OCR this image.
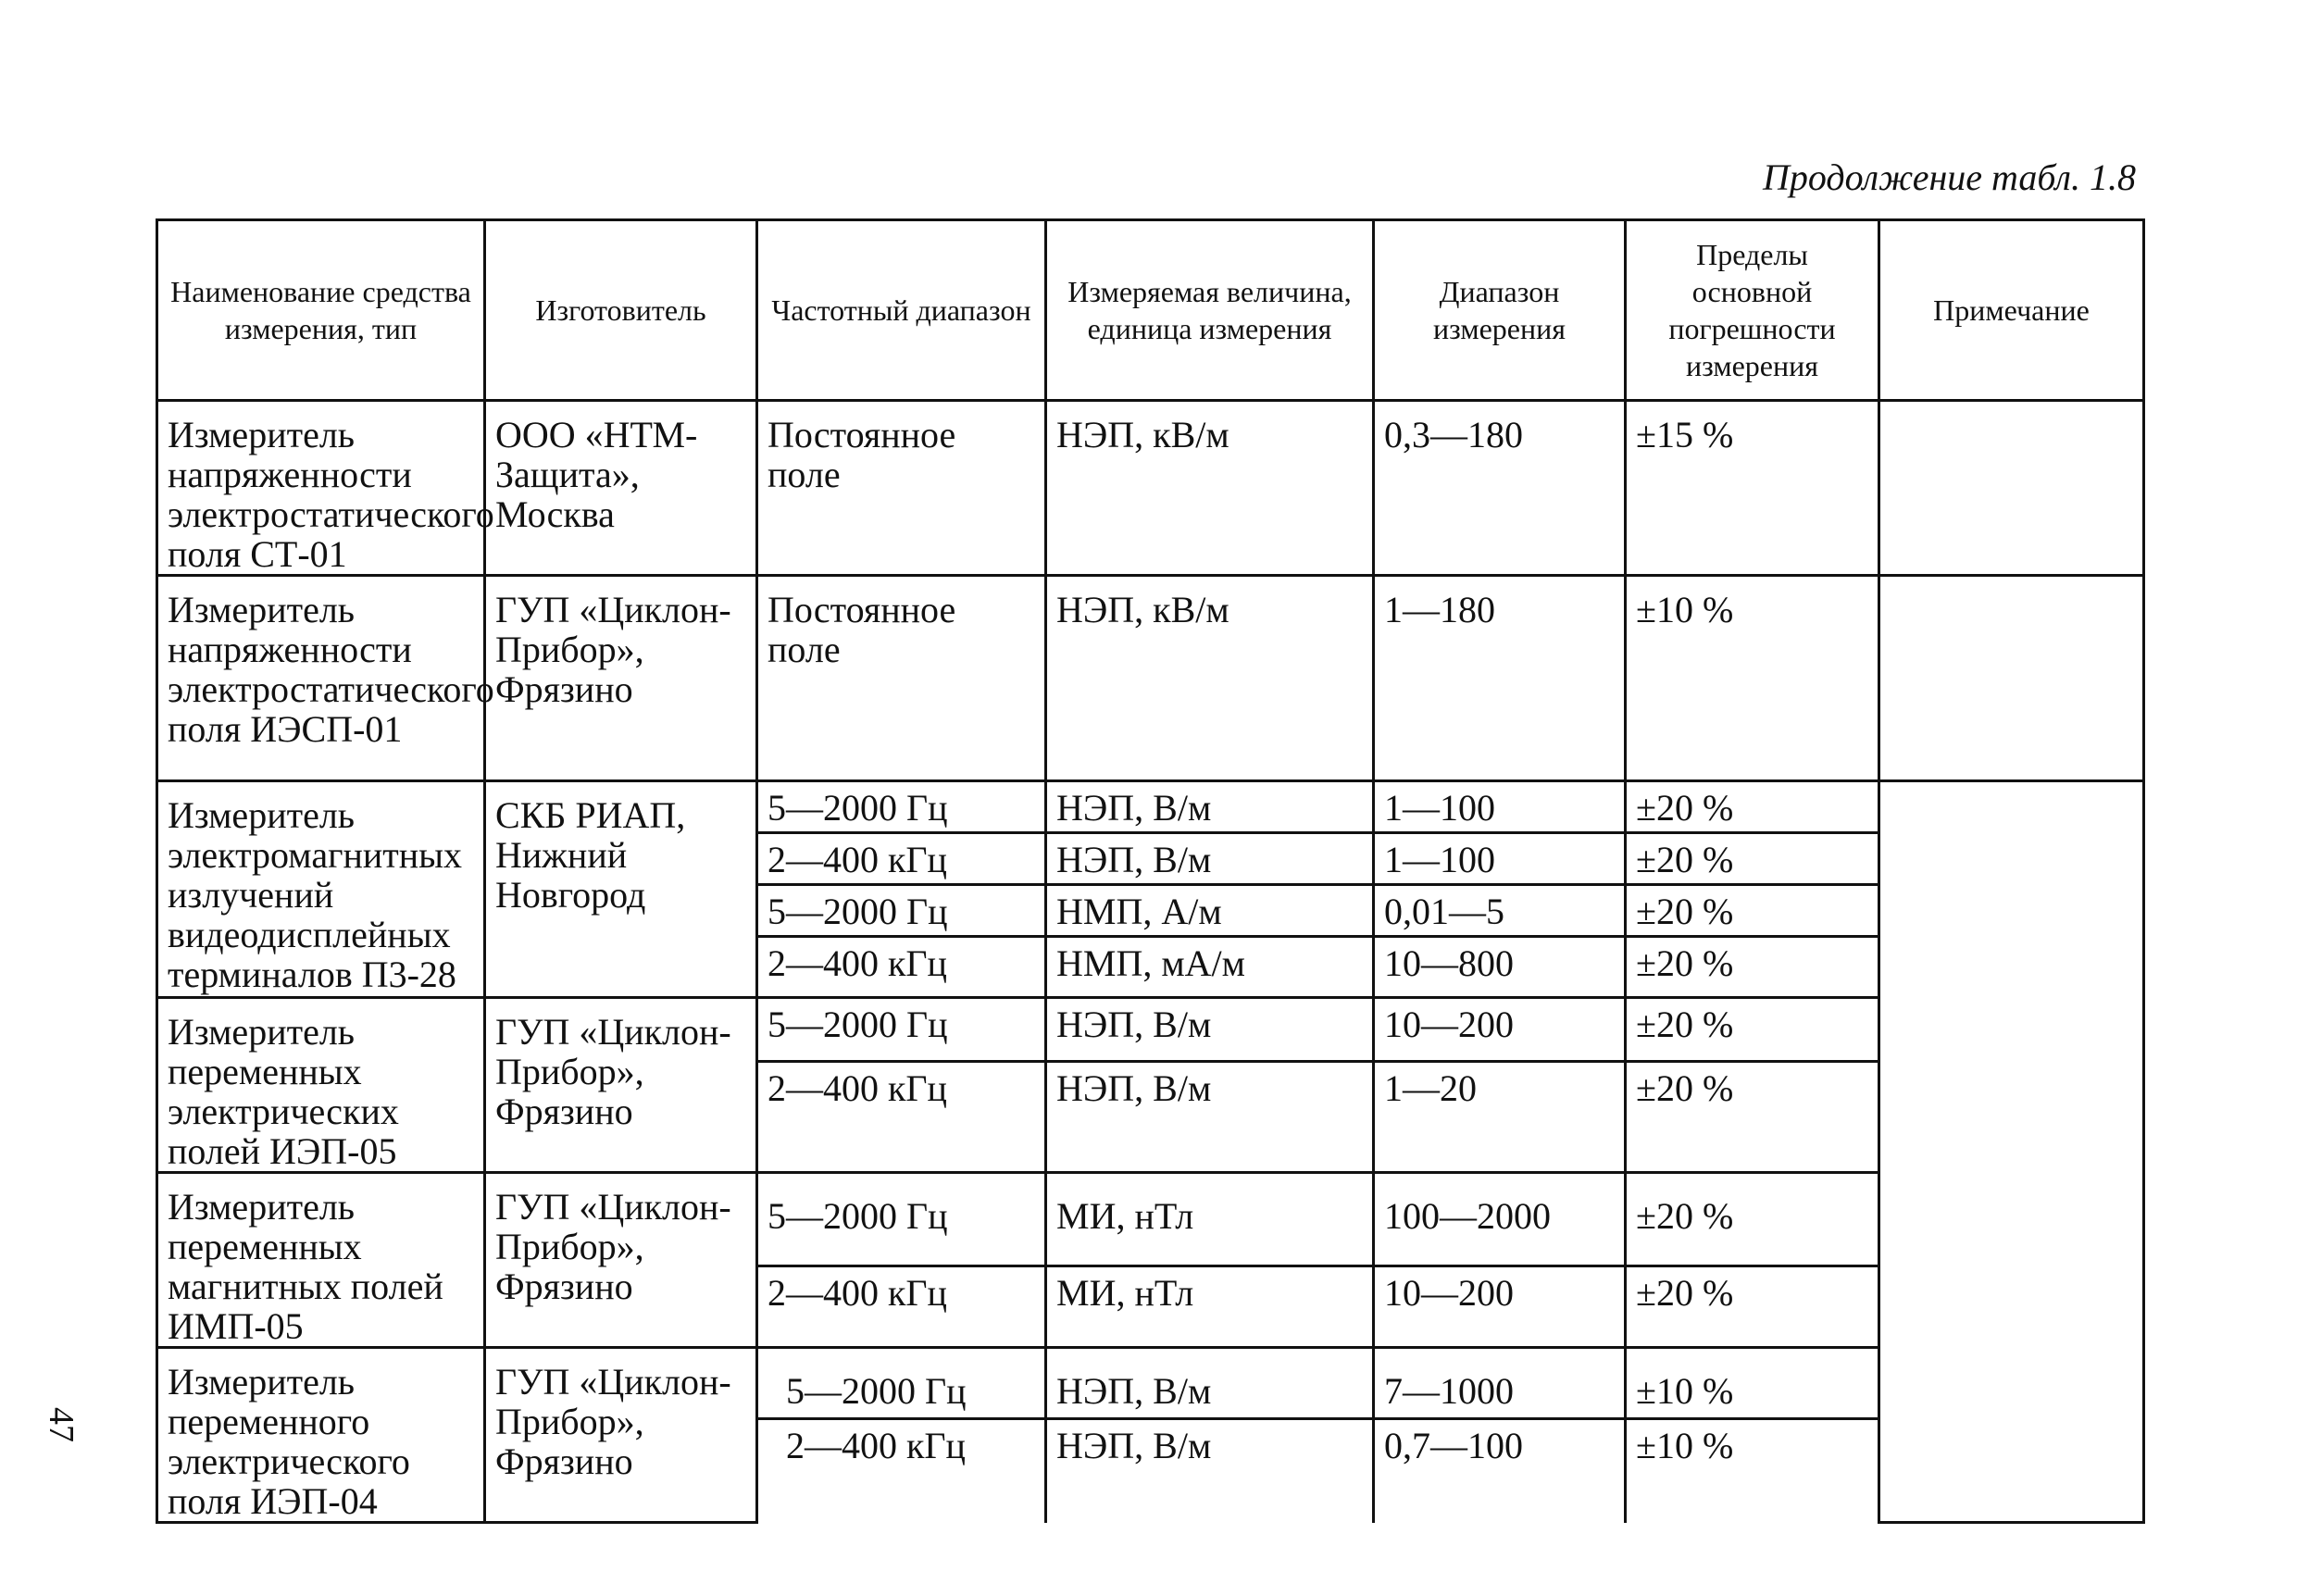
Продолжение табл. 1.8
47
Наименование средства измерения, тип	Изготовитель	Частотный диапазон	Измеряемая величина, единица измерения	Диапазон измерения	Пределы основной погрешности измерения	Примечание
Измеритель напряженности электростатического поля СТ-01	ООО «НТМ-Защита», Москва	Постоянное поле	НЭП, кВ/м	0,3—180	±15 %	
Измеритель напряженности электростатического поля ИЭСП-01	ГУП «Циклон-Прибор», Фрязино	Постоянное поле	НЭП, кВ/м	1—180	±10 %	
Измеритель электромагнитных излучений видеодисплейных терминалов П3-28	СКБ РИАП, Нижний Новгород	5—2000 Гц	НЭП, В/м	1—100	±20 %	
		2—400 кГц	НЭП, В/м	1—100	±20 %	
		5—2000 Гц	НМП, А/м	0,01—5	±20 %	
		2—400 кГц	НМП, мА/м	10—800	±20 %	
Измеритель переменных электрических полей ИЭП-05	ГУП «Циклон-Прибор», Фрязино	5—2000 Гц	НЭП, В/м	10—200	±20 %	
		2—400 кГц	НЭП, В/м	1—20	±20 %	
Измеритель переменных магнитных полей ИМП-05	ГУП «Циклон-Прибор», Фрязино	5—2000 Гц	МИ, нТл	100—2000	±20 %	
		2—400 кГц	МИ, нТл	10—200	±20 %	
Измеритель переменного электрического поля ИЭП-04	ГУП «Циклон-Прибор», Фрязино	5—2000 Гц	НЭП, В/м	7—1000	±10 %	
		2—400 кГц	НЭП, В/м	0,7—100	±10 %	
